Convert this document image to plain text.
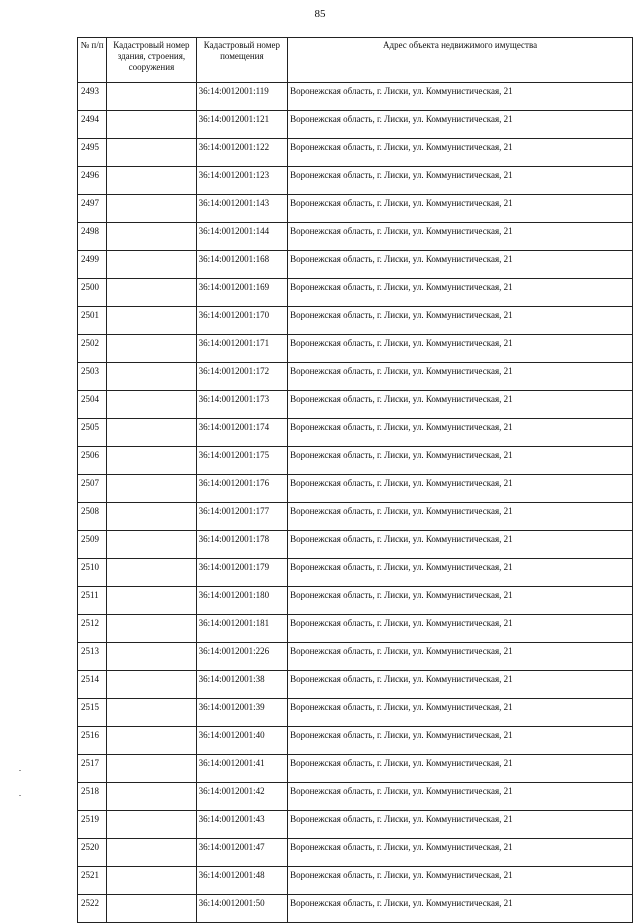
85
№ п/п	Кадастровый номер здания, строения, сооружения	Кадастровый номер помещения	Адрес объекта недвижимого имущества
2493		36:14:0012001:119	Воронежская область, г. Лиски, ул. Коммунистическая, 21
2494		36:14:0012001:121	Воронежская область, г. Лиски, ул. Коммунистическая, 21
2495		36:14:0012001:122	Воронежская область, г. Лиски, ул. Коммунистическая, 21
2496		36:14:0012001:123	Воронежская область, г. Лиски, ул. Коммунистическая, 21
2497		36:14:0012001:143	Воронежская область, г. Лиски, ул. Коммунистическая, 21
2498		36:14:0012001:144	Воронежская область, г. Лиски, ул. Коммунистическая, 21
2499		36:14:0012001:168	Воронежская область, г. Лиски, ул. Коммунистическая, 21
2500		36:14:0012001:169	Воронежская область, г. Лиски, ул. Коммунистическая, 21
2501		36:14:0012001:170	Воронежская область, г. Лиски, ул. Коммунистическая, 21
2502		36:14:0012001:171	Воронежская область, г. Лиски, ул. Коммунистическая, 21
2503		36:14:0012001:172	Воронежская область, г. Лиски, ул. Коммунистическая, 21
2504		36:14:0012001:173	Воронежская область, г. Лиски, ул. Коммунистическая, 21
2505		36:14:0012001:174	Воронежская область, г. Лиски, ул. Коммунистическая, 21
2506		36:14:0012001:175	Воронежская область, г. Лиски, ул. Коммунистическая, 21
2507		36:14:0012001:176	Воронежская область, г. Лиски, ул. Коммунистическая, 21
2508		36:14:0012001:177	Воронежская область, г. Лиски, ул. Коммунистическая, 21
2509		36:14:0012001:178	Воронежская область, г. Лиски, ул. Коммунистическая, 21
2510		36:14:0012001:179	Воронежская область, г. Лиски, ул. Коммунистическая, 21
2511		36:14:0012001:180	Воронежская область, г. Лиски, ул. Коммунистическая, 21
2512		36:14:0012001:181	Воронежская область, г. Лиски, ул. Коммунистическая, 21
2513		36:14:0012001:226	Воронежская область, г. Лиски, ул. Коммунистическая, 21
2514		36:14:0012001:38	Воронежская область, г. Лиски, ул. Коммунистическая, 21
2515		36:14:0012001:39	Воронежская область, г. Лиски, ул. Коммунистическая, 21
2516		36:14:0012001:40	Воронежская область, г. Лиски, ул. Коммунистическая, 21
2517		36:14:0012001:41	Воронежская область, г. Лиски, ул. Коммунистическая, 21
2518		36:14:0012001:42	Воронежская область, г. Лиски, ул. Коммунистическая, 21
2519		36:14:0012001:43	Воронежская область, г. Лиски, ул. Коммунистическая, 21
2520		36:14:0012001:47	Воронежская область, г. Лиски, ул. Коммунистическая, 21
2521		36:14:0012001:48	Воронежская область, г. Лиски, ул. Коммунистическая, 21
2522		36:14:0012001:50	Воронежская область, г. Лиски, ул. Коммунистическая, 21
